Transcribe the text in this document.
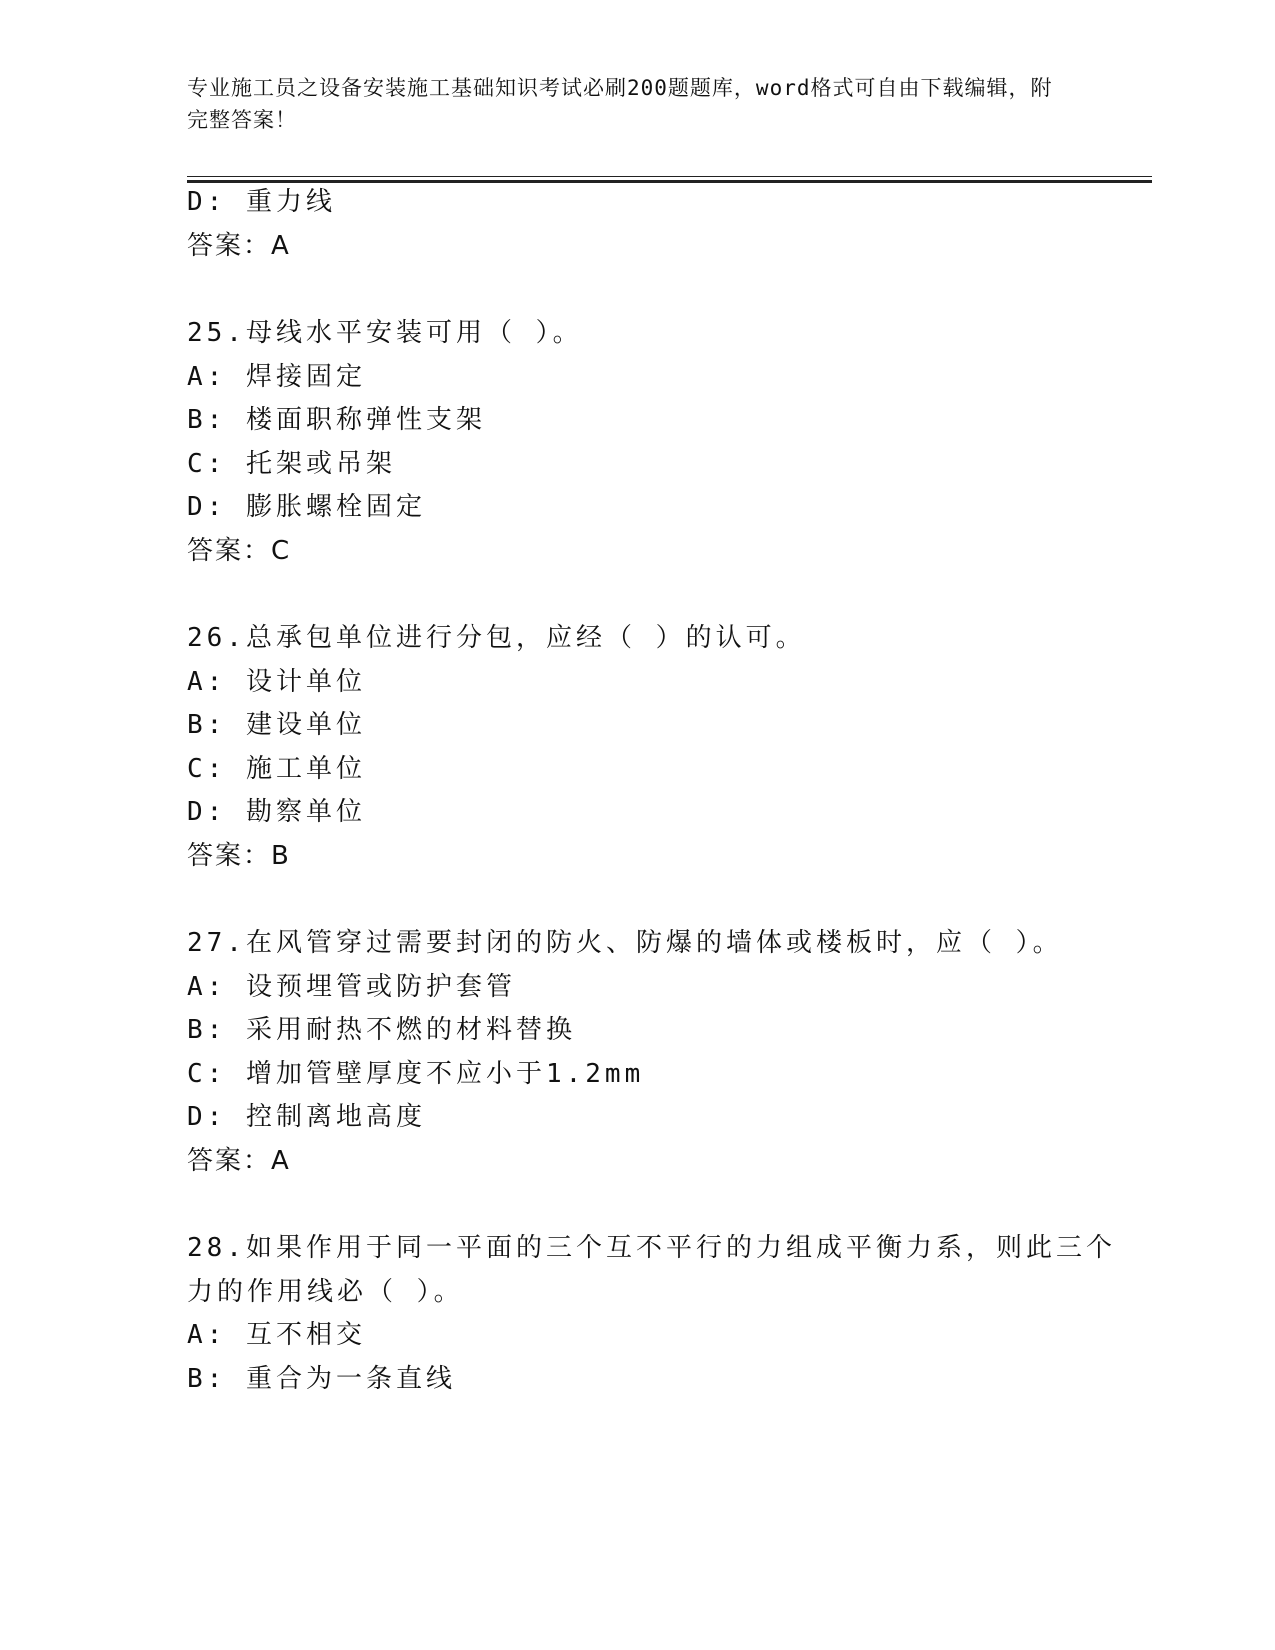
专业施工员之设备安装施工基础知识考试必刷200题题库，word格式可自由下载编辑，附完整答案！
D: 重力线
答案：A
25.母线水平安装可用（ ）。
A: 焊接固定
B: 楼面职称弹性支架
C: 托架或吊架
D: 膨胀螺栓固定
答案：C
26.总承包单位进行分包，应经（ ）的认可。
A: 设计单位
B: 建设单位
C: 施工单位
D: 勘察单位
答案：B
27.在风管穿过需要封闭的防火、防爆的墙体或楼板时，应（ ）。
A: 设预埋管或防护套管
B: 采用耐热不燃的材料替换
C: 增加管壁厚度不应小于1.2mm
D: 控制离地高度
答案：A
28.如果作用于同一平面的三个互不平行的力组成平衡力系，则此三个
力的作用线必（ ）。
A: 互不相交
B: 重合为一条直线
